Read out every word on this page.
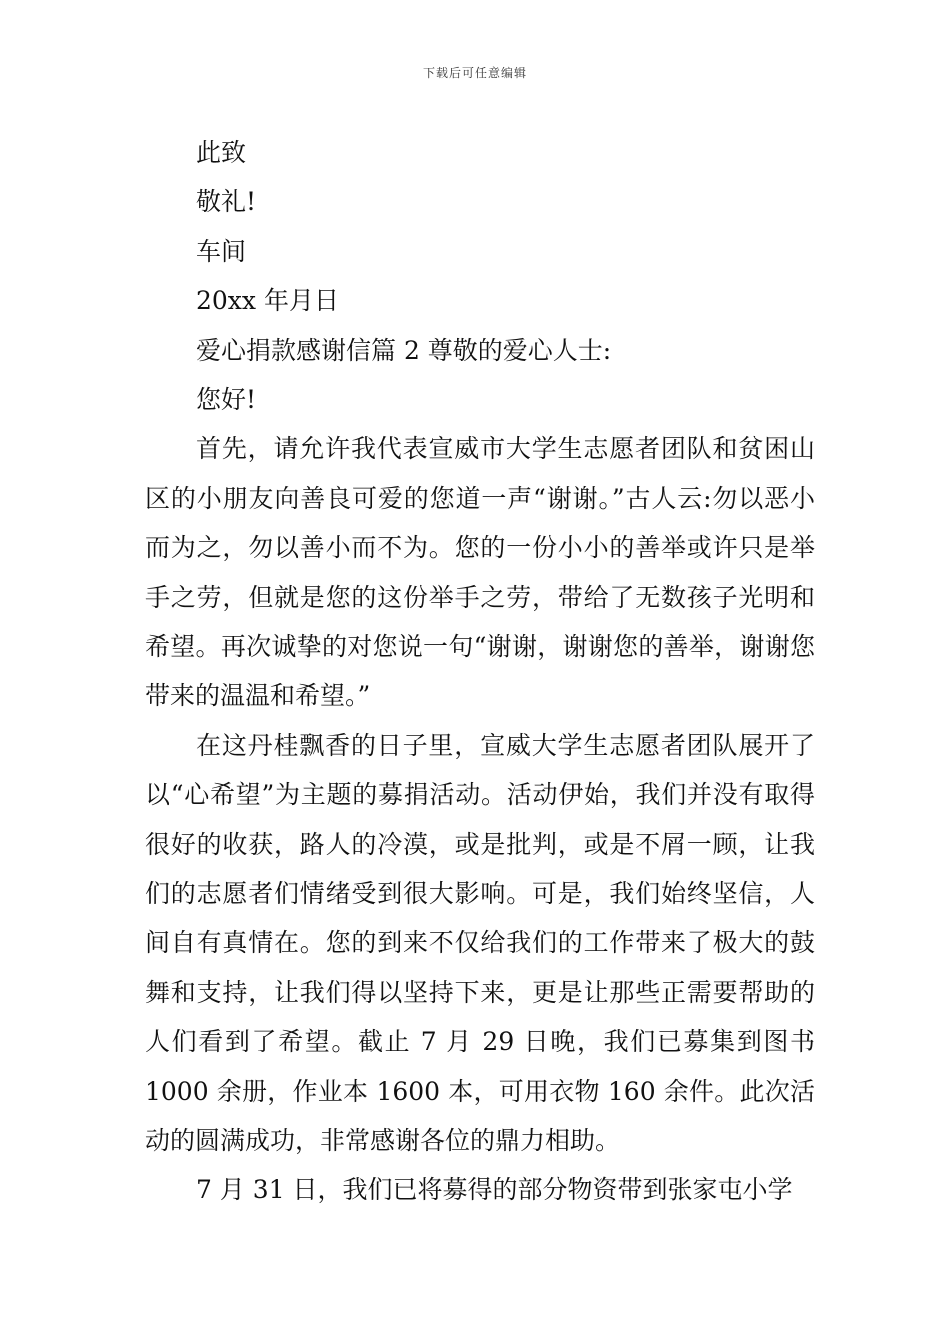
下载后可任意编辑
此致
敬礼!
车间
20xx 年月日
爱心捐款感谢信篇 2 尊敬的爱心人士:
您好!

首先，请允许我代表宣威市大学生志愿者团队和贫困山区的小朋友向善良可爱的您道一声“谢谢。”古人云:勿以恶小而为之，勿以善小而不为。您的一份小小的善举或许只是举手之劳，但就是您的这份举手之劳，带给了无数孩子光明和希望。再次诚挚的对您说一句“谢谢，谢谢您的善举，谢谢您带来的温温和希望。”

在这丹桂飘香的日子里，宣威大学生志愿者团队展开了以“心希望”为主题的募捐活动。活动伊始，我们并没有取得很好的收获，路人的冷漠，或是批判，或是不屑一顾，让我们的志愿者们情绪受到很大影响。可是，我们始终坚信，人间自有真情在。您的到来不仅给我们的工作带来了极大的鼓舞和支持，让我们得以坚持下来，更是让那些正需要帮助的人们看到了希望。截止 7 月 29 日晚，我们已募集到图书 1000 余册，作业本 1600 本，可用衣物 160 余件。此次活动的圆满成功，非常感谢各位的鼎力相助。

7 月 31 日，我们已将募得的部分物资带到张家屯小学
